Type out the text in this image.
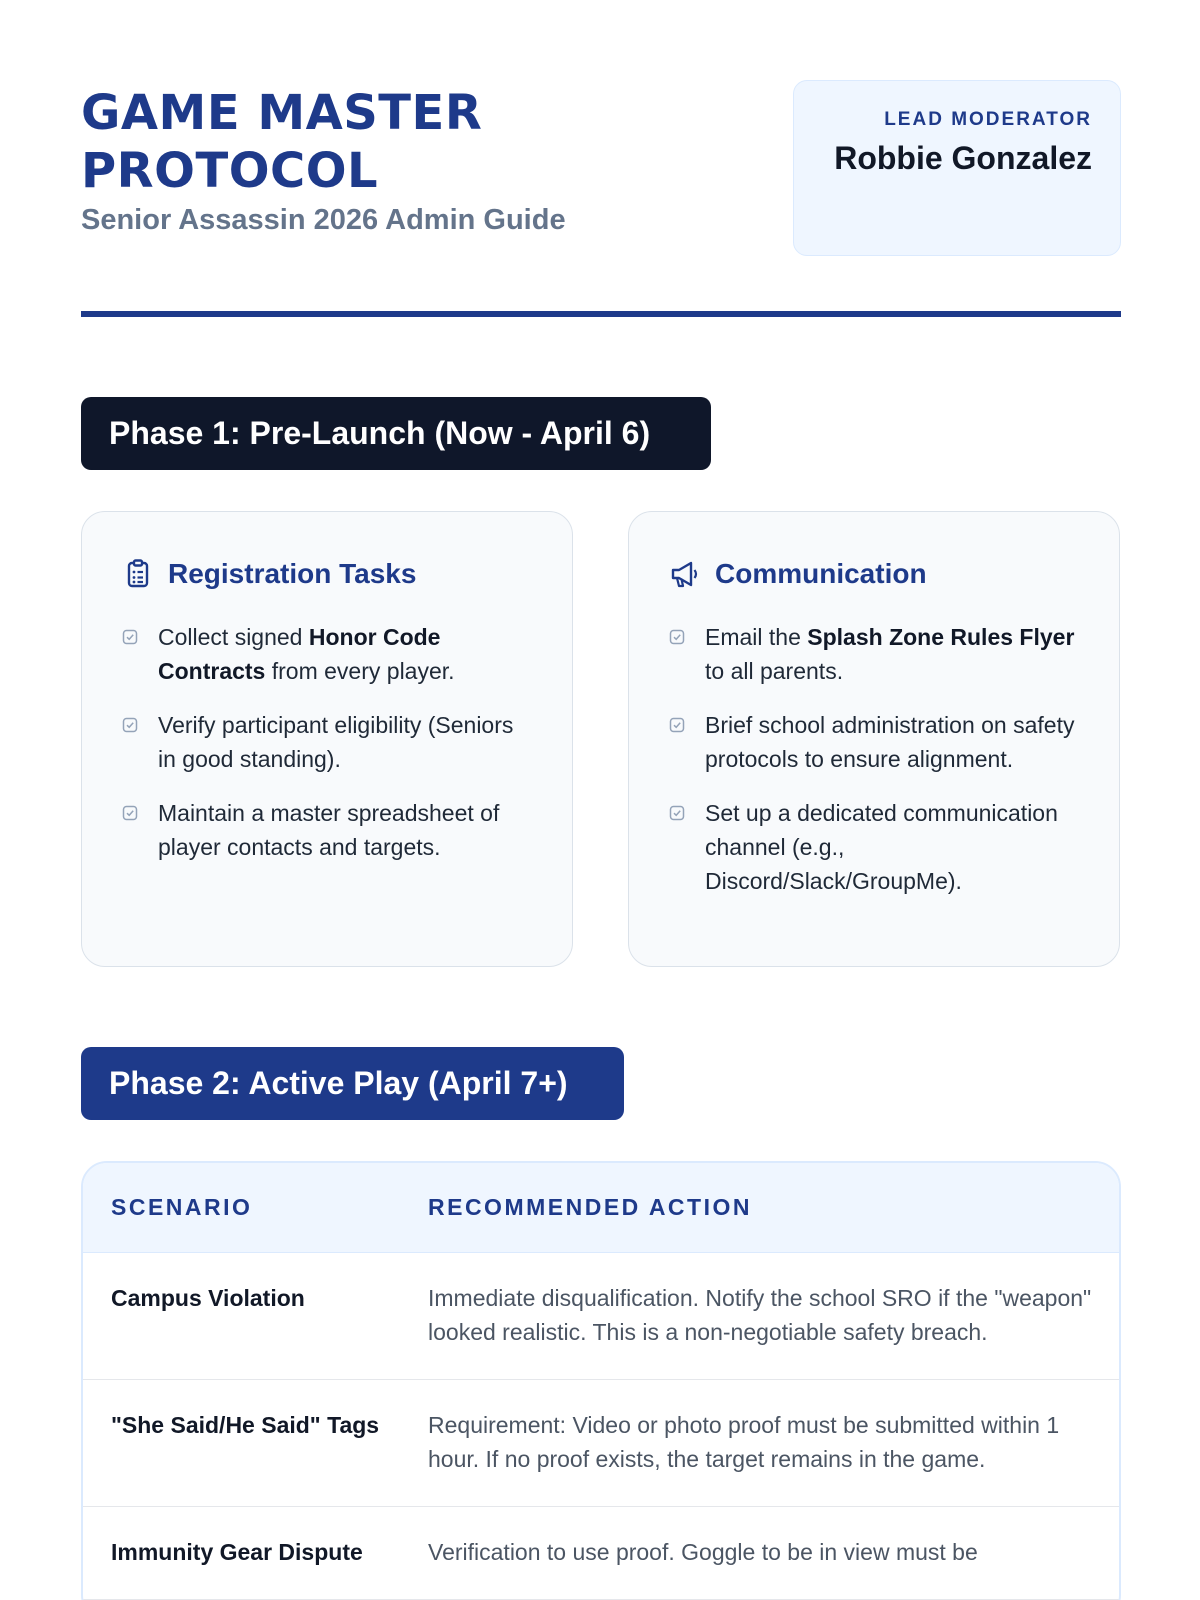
GAME MASTER PROTOCOL
Senior Assassin 2026 Admin Guide
LEAD MODERATOR
Robbie Gonzalez
Phase 1: Pre-Launch (Now - April 6)
Registration Tasks
Collect signed Honor Code Contracts from every player.
Verify participant eligibility (Seniors in good standing).
Maintain a master spreadsheet of player contacts and targets.
Communication
Email the Splash Zone Rules Flyer to all parents.
Brief school administration on safety protocols to ensure alignment.
Set up a dedicated communication channel (e.g., Discord/Slack/GroupMe).
Phase 2: Active Play (April 7+)
SCENARIO	RECOMMENDED ACTION
Campus Violation	Immediate disqualification. Notify the school SRO if the "weapon" looked realistic. This is a non-negotiable safety breach.
"She Said/He Said" Tags	Requirement: Video or photo proof must be submitted within 1 hour. If no proof exists, the target remains in the game.
Immunity Gear Dispute	Verification to use proof. Goggle to be in view must be
